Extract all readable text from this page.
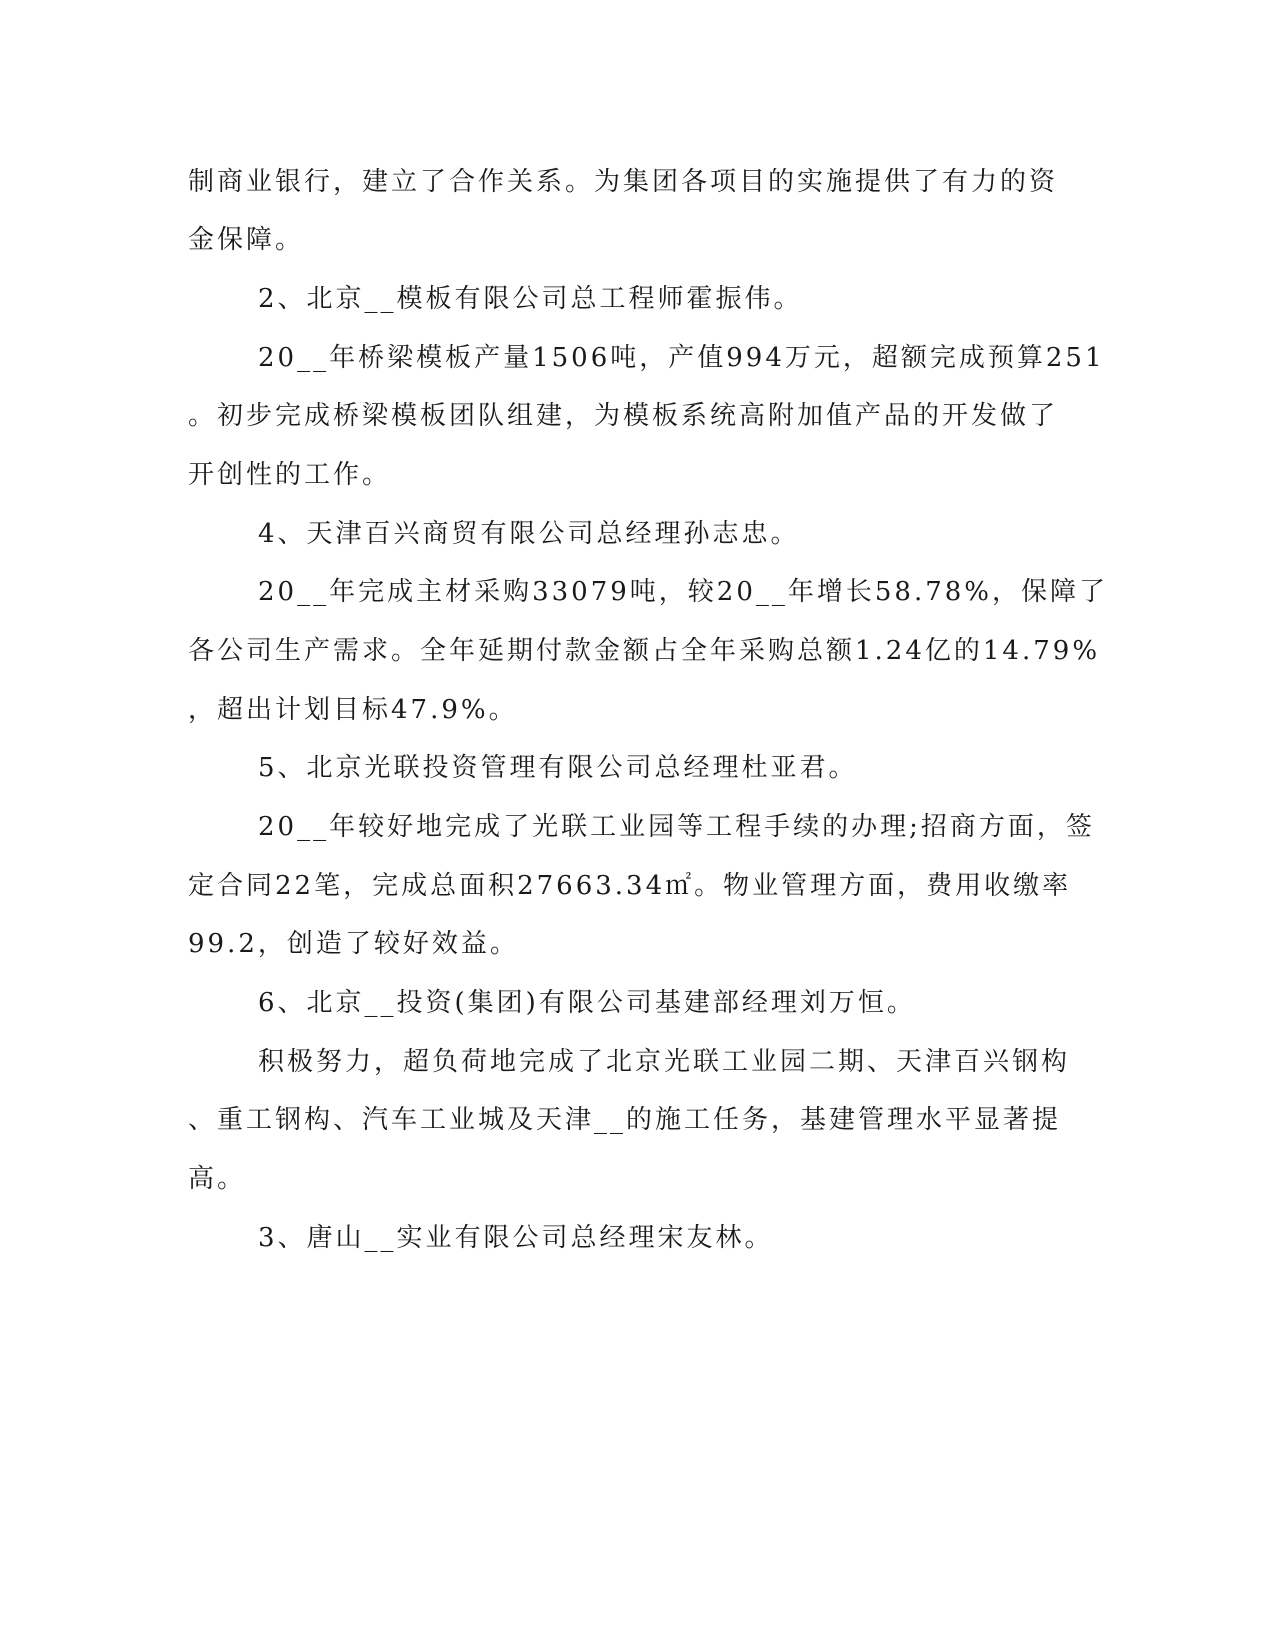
制商业银行，建立了合作关系。为集团各项目的实施提供了有力的资
金保障。
2、北京__模板有限公司总工程师霍振伟。
20__年桥梁模板产量1506吨，产值994万元，超额完成预算251
。初步完成桥梁模板团队组建，为模板系统高附加值产品的开发做了
开创性的工作。
4、天津百兴商贸有限公司总经理孙志忠。
20__年完成主材采购33079吨，较20__年增长58.78%，保障了
各公司生产需求。全年延期付款金额占全年采购总额1.24亿的14.79%
，超出计划目标47.9%。
5、北京光联投资管理有限公司总经理杜亚君。
20__年较好地完成了光联工业园等工程手续的办理;招商方面，签
定合同22笔，完成总面积27663.34㎡。物业管理方面，费用收缴率
99.2，创造了较好效益。
6、北京__投资(集团)有限公司基建部经理刘万恒。
积极努力，超负荷地完成了北京光联工业园二期、天津百兴钢构
、重工钢构、汽车工业城及天津__的施工任务，基建管理水平显著提
高。
3、唐山__实业有限公司总经理宋友林。
